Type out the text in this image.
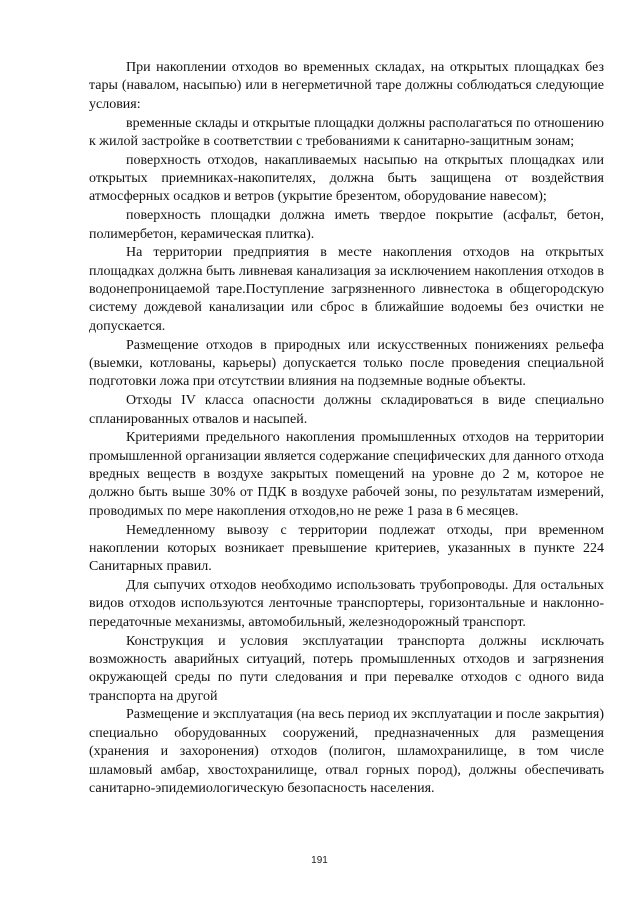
При накоплении отходов во временных складах, на открытых площадках без тары (навалом, насыпью) или в негерметичной таре должны соблюдаться следующие условия:

временные склады и открытые площадки должны располагаться по отношению к жилой застройке в соответствии с требованиями к санитарно-защитным зонам;

поверхность отходов, накапливаемых насыпью на открытых площадках или открытых приемниках-накопителях, должна быть защищена от воздействия атмосферных осадков и ветров (укрытие брезентом, оборудование навесом);

поверхность площадки должна иметь твердое покрытие (асфальт, бетон, полимербетон, керамическая плитка).

На территории предприятия в месте накопления отходов на открытых площадках должна быть ливневая канализация за исключением накопления отходов в водонепроницаемой таре.Поступление загрязненного ливнестока в общегородскую систему дождевой канализации или сброс в ближайшие водоемы без очистки не допускается.

Размещение отходов в природных или искусственных понижениях рельефа (выемки, котлованы, карьеры) допускается только после проведения специальной подготовки ложа при отсутствии влияния на подземные водные объекты.

Отходы IV класса опасности должны складироваться в виде специально спланированных отвалов и насыпей.

Критериями предельного накопления промышленных отходов на территории промышленной организации является содержание специфических для данного отхода вредных веществ в воздухе закрытых помещений на уровне до 2 м, которое не должно быть выше 30% от ПДК в воздухе рабочей зоны, по результатам измерений, проводимых по мере накопления отходов,но не реже 1 раза в 6 месяцев.

Немедленному вывозу с территории подлежат отходы, при временном накоплении которых возникает превышение критериев, указанных в пункте 224 Санитарных правил.

Для сыпучих отходов необходимо использовать трубопроводы. Для остальных видов отходов используются ленточные транспортеры, горизонтальные и наклонно-передаточные механизмы, автомобильный, железнодорожный транспорт.

Конструкция и условия эксплуатации транспорта должны исключать возможность аварийных ситуаций, потерь промышленных отходов и загрязнения окружающей среды по пути следования и при перевалке отходов с одного вида транспорта на другой

Размещение и эксплуатация (на весь период их эксплуатации и после закрытия) специально оборудованных сооружений, предназначенных для размещения (хранения и захоронения) отходов (полигон, шламохранилище, в том числе шламовый амбар, хвостохранилище, отвал горных пород), должны обеспечивать санитарно-эпидемиологическую безопасность населения.

191
